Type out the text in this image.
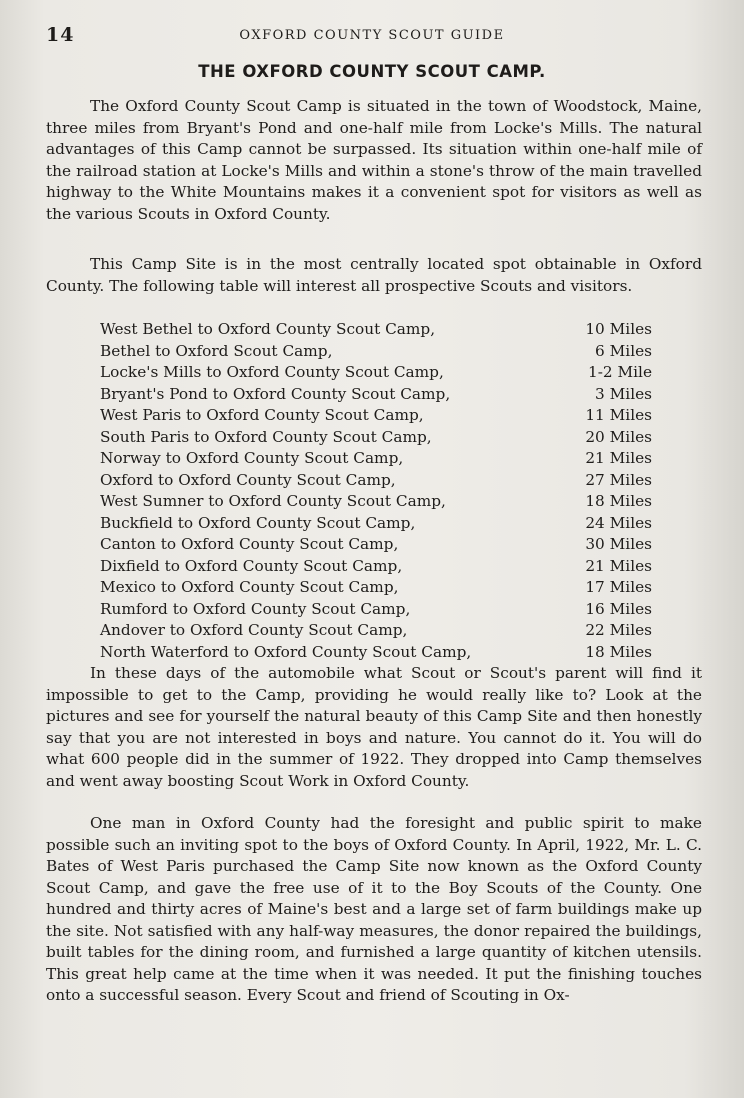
14	OXFORD COUNTY SCOUT GUIDE
THE OXFORD COUNTY SCOUT CAMP.

The Oxford County Scout Camp is situated in the town of Woodstock, Maine, three miles from Bryant's Pond and one-half mile from Locke's Mills. The natural advantages of this Camp cannot be surpassed. Its situation within one-half mile of the railroad station at Locke's Mills and within a stone's throw of the main travelled highway to the White Mountains makes it a convenient spot for visitors as well as the various Scouts in Oxford County.

This Camp Site is in the most centrally located spot obtainable in Oxford County. The following table will interest all prospective Scouts and visitors.

West Bethel to Oxford County Scout Camp,	10 Miles
Bethel to Oxford Scout Camp,	6 Miles
Locke's Mills to Oxford County Scout Camp,	1-2 Mile
Bryant's Pond to Oxford County Scout Camp,	3 Miles
West Paris to Oxford County Scout Camp,	11 Miles
South Paris to Oxford County Scout Camp,	20 Miles
Norway to Oxford County Scout Camp,	21 Miles
Oxford to Oxford County Scout Camp,	27 Miles
West Sumner to Oxford County Scout Camp,	18 Miles
Buckfield to Oxford County Scout Camp,	24 Miles
Canton to Oxford County Scout Camp,	30 Miles
Dixfield to Oxford County Scout Camp,	21 Miles
Mexico to Oxford County Scout Camp,	17 Miles
Rumford to Oxford County Scout Camp,	16 Miles
Andover to Oxford County Scout Camp,	22 Miles
North Waterford to Oxford County Scout Camp,	18 Miles

In these days of the automobile what Scout or Scout's parent will find it impossible to get to the Camp, providing he would really like to? Look at the pictures and see for yourself the natural beauty of this Camp Site and then honestly say that you are not interested in boys and nature. You cannot do it. You will do what 600 people did in the summer of 1922. They dropped into Camp themselves and went away boosting Scout Work in Oxford County.

One man in Oxford County had the foresight and public spirit to make possible such an inviting spot to the boys of Oxford County. In April, 1922, Mr. L. C. Bates of West Paris purchased the Camp Site now known as the Oxford County Scout Camp, and gave the free use of it to the Boy Scouts of the County. One hundred and thirty acres of Maine's best and a large set of farm buildings make up the site. Not satisfied with any half-way measures, the donor repaired the buildings, built tables for the dining room, and furnished a large quantity of kitchen utensils. This great help came at the time when it was needed. It put the finishing touches onto a successful season. Every Scout and friend of Scouting in Ox-
